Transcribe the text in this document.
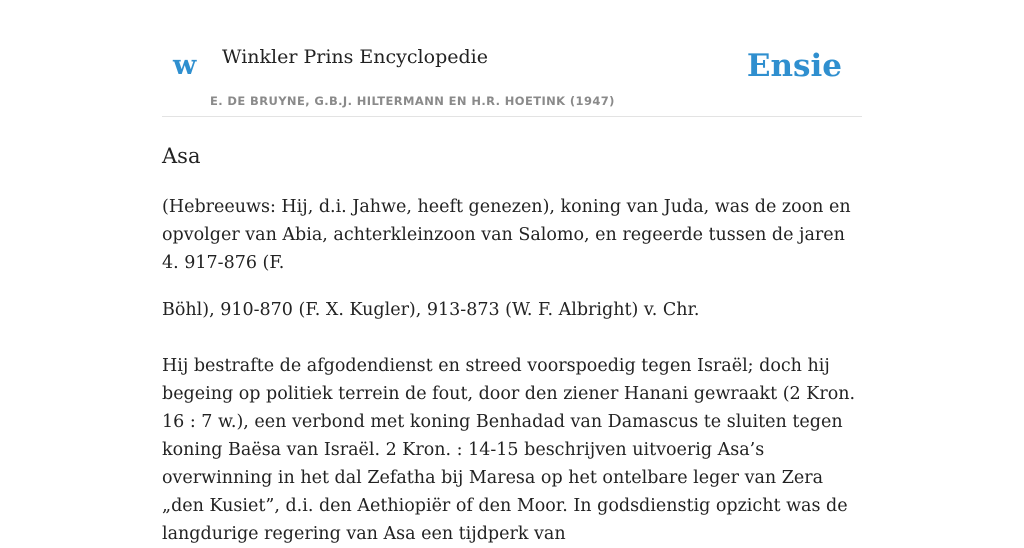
w Winkler Prins Encyclopedie
E. DE BRUYNE, G.B.J. HILTERMANN EN H.R. HOETINK (1947)
Ensie
Asa

(Hebreeuws: Hij, d.i. Jahwe, heeft genezen), koning van Juda, was de zoon en opvolger van Abia, achterkleinzoon van Salomo, en regeerde tussen de jaren 4. 917-876 (F.

Böhl), 910-870 (F. X. Kugler), 913-873 (W. F. Albright) v. Chr.

Hij bestrafte de afgodendienst en streed voorspoedig tegen Israël; doch hij begeing op politiek terrein de fout, door den ziener Hanani gewraakt (2 Kron. 16 : 7 w.), een verbond met koning Benhadad van Damascus te sluiten tegen koning Baësa van Israël. 2 Kron. : 14-15 beschrijven uitvoerig Asa’s overwinning in het dal Zefatha bij Maresa op het ontelbare leger van Zera „den Kusiet”, d.i. den Aethiopiër of den Moor. In godsdienstig opzicht was de langdurige regering van Asa een tijdperk van
